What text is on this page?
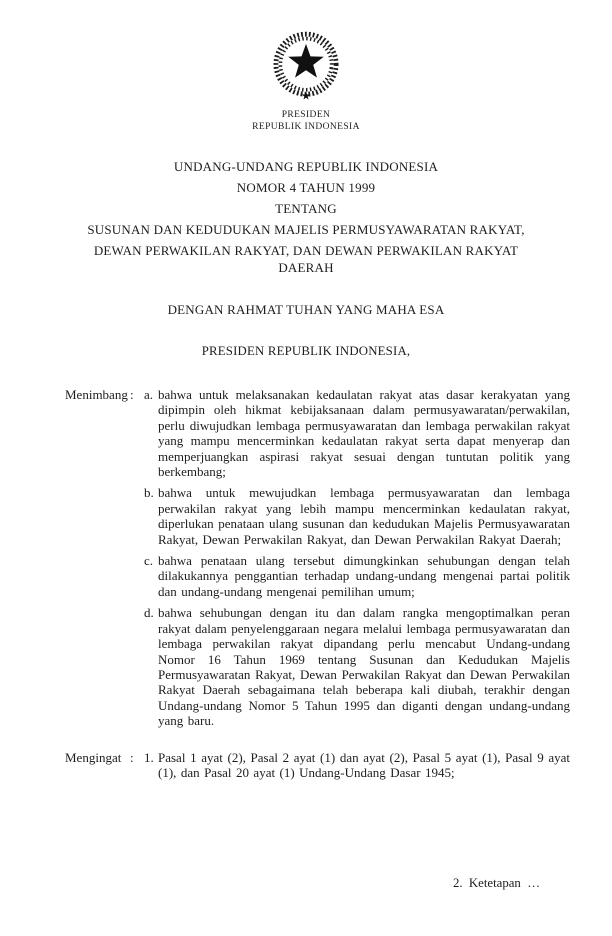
PRESIDEN
REPUBLIK INDONESIA
UNDANG-UNDANG REPUBLIK INDONESIA
NOMOR 4 TAHUN 1999
TENTANG
SUSUNAN DAN KEDUDUKAN MAJELIS PERMUSYAWARATAN RAKYAT,
DEWAN PERWAKILAN RAKYAT, DAN DEWAN PERWAKILAN RAKYAT
DAERAH
DENGAN RAHMAT TUHAN YANG MAHA ESA
PRESIDEN REPUBLIK INDONESIA,
Menimbang : a. bahwa untuk melaksanakan kedaulatan rakyat atas dasar kerakyatan yang dipimpin oleh hikmat kebijaksanaan dalam permusyawaratan/perwakilan, perlu diwujudkan lembaga permusyawaratan dan lembaga perwakilan rakyat yang mampu mencerminkan kedaulatan rakyat serta dapat menyerap dan memperjuangkan aspirasi rakyat sesuai dengan tuntutan politik yang berkembang;
b. bahwa untuk mewujudkan lembaga permusyawaratan dan lembaga perwakilan rakyat yang lebih mampu mencerminkan kedaulatan rakyat, diperlukan penataan ulang susunan dan kedudukan Majelis Permusyawaratan Rakyat, Dewan Perwakilan Rakyat, dan Dewan Perwakilan Rakyat Daerah;
c. bahwa penataan ulang tersebut dimungkinkan sehubungan dengan telah dilakukannya penggantian terhadap undang-undang mengenai partai politik dan undang-undang mengenai pemilihan umum;
d. bahwa sehubungan dengan itu dan dalam rangka mengoptimalkan peran rakyat dalam penyelenggaraan negara melalui lembaga permusyawaratan dan lembaga perwakilan rakyat dipandang perlu mencabut Undang-undang Nomor 16 Tahun 1969 tentang Susunan dan Kedudukan Majelis Permusyawaratan Rakyat, Dewan Perwakilan Rakyat dan Dewan Perwakilan Rakyat Daerah sebagaimana telah beberapa kali diubah, terakhir dengan Undang-undang Nomor 5 Tahun 1995 dan diganti dengan undang-undang yang baru.
Mengingat : 1. Pasal 1 ayat (2), Pasal 2 ayat (1) dan ayat (2), Pasal 5 ayat (1), Pasal 9 ayat (1), dan Pasal 20 ayat (1) Undang-Undang Dasar 1945;
2.  Ketetapan  …
